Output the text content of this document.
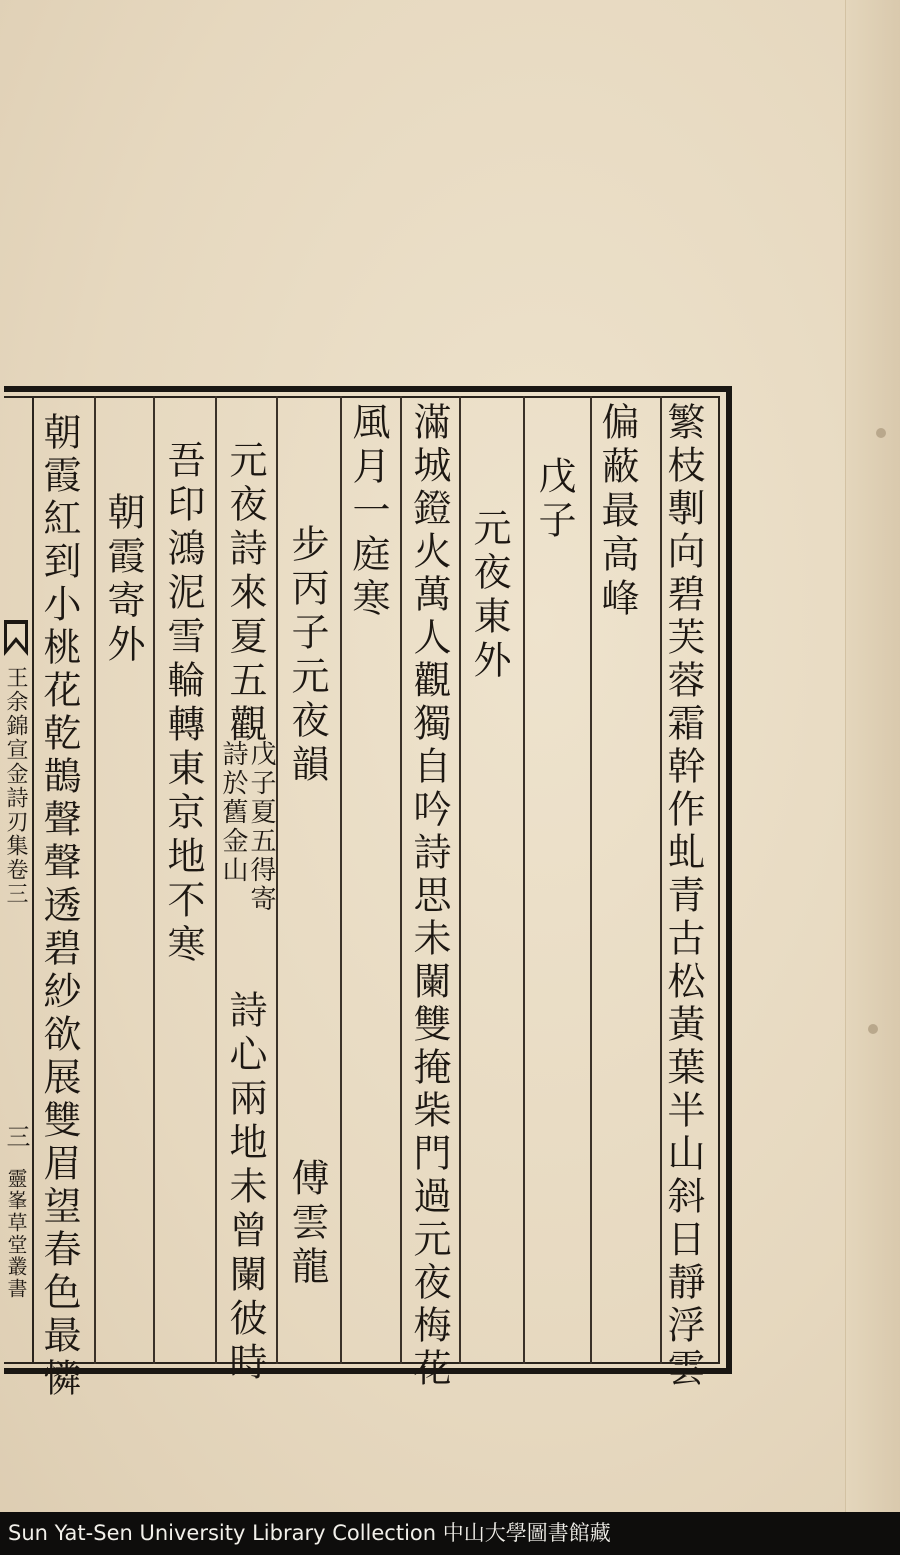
繁枝剸向碧芙蓉霜幹作虬青古松黃葉半山斜日靜浮雲
偏蔽最高峰
戊子
元夜東外
滿城鐙火萬人觀獨自吟詩思未闌雙掩柴門過元夜梅花
風月一庭寒
步丙子元夜韻
傅雲龍
元夜詩來夏五觀
戊子夏五得寄
詩於舊金山
詩心兩地未曾闌彼時
吾印鴻泥雪輪轉東京地不寒
朝霞寄外
朝霞紅到小桃花乾鵲聲聲透碧紗欲展雙眉望春色最憐
王余錦宣金詩刃集卷三
三
靈峯草堂叢書
Sun Yat-Sen University Library Collection 中山大學圖書館藏
